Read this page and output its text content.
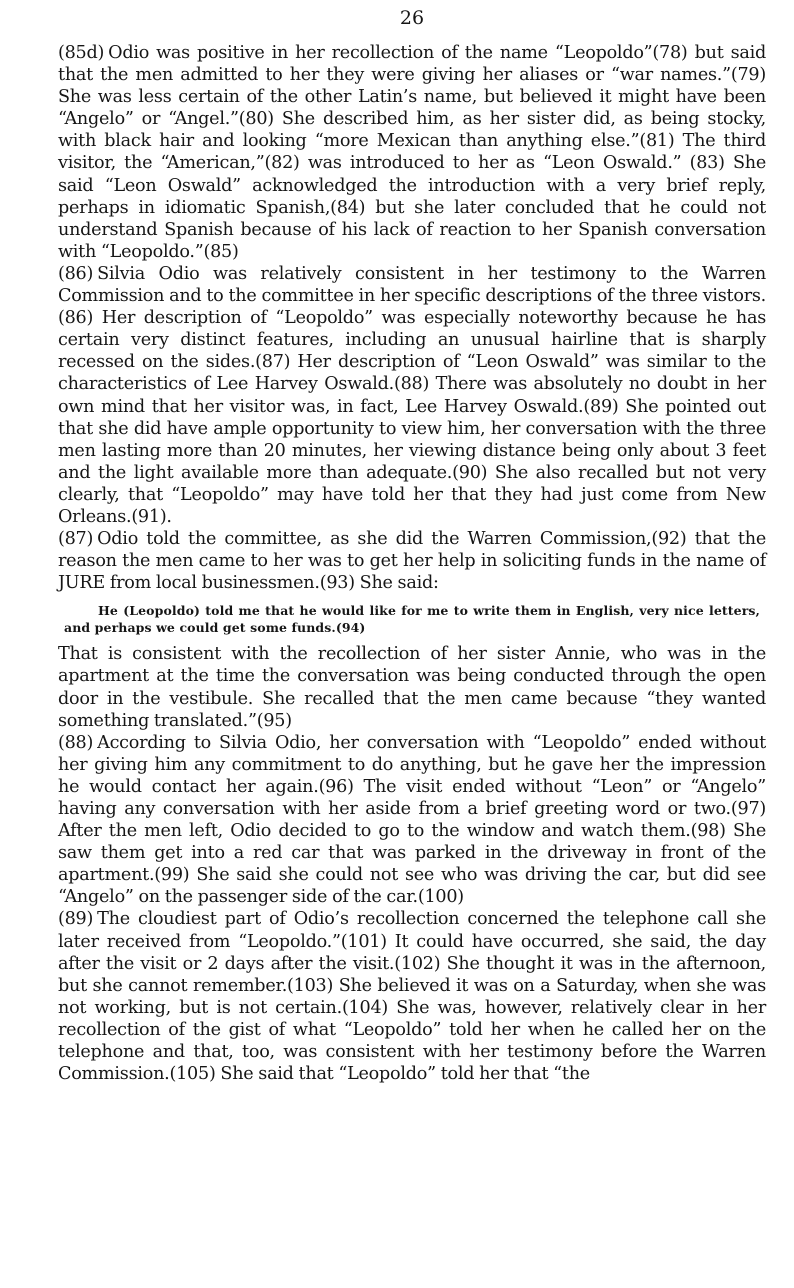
26

(85d) Odio was positive in her recollection of the name “Leopoldo”(78) but said that the men admitted to her they were giving her aliases or “war names.”(79) She was less certain of the other Latin’s name, but believed it might have been “Angelo” or “Angel.”(80) She described him, as her sister did, as being stocky, with black hair and looking “more Mexican than anything else.”(81) The third visitor, the “American,”(82) was introduced to her as “Leon Oswald.” (83) She said “Leon Oswald” acknowledged the introduction with a very brief reply, perhaps in idiomatic Spanish,(84) but she later concluded that he could not understand Spanish because of his lack of reaction to her Spanish conversation with “Leopoldo.”(85)

(86) Silvia Odio was relatively consistent in her testimony to the Warren Commission and to the committee in her specific descriptions of the three vistors.(86) Her description of “Leopoldo” was especially noteworthy because he has certain very distinct features, including an unusual hairline that is sharply recessed on the sides.(87) Her description of “Leon Oswald” was similar to the characteristics of Lee Harvey Oswald.(88) There was absolutely no doubt in her own mind that her visitor was, in fact, Lee Harvey Oswald.(89) She pointed out that she did have ample opportunity to view him, her conversation with the three men lasting more than 20 minutes, her viewing distance being only about 3 feet and the light available more than adequate.(90) She also recalled but not very clearly, that “Leopoldo” may have told her that they had just come from New Orleans.(91).

(87) Odio told the committee, as she did the Warren Commission,(92) that the reason the men came to her was to get her help in soliciting funds in the name of JURE from local businessmen.(93) She said:

He (Leopoldo) told me that he would like for me to write them in English, very nice letters, and perhaps we could get some funds.(94)

That is consistent with the recollection of her sister Annie, who was in the apartment at the time the conversation was being conducted through the open door in the vestibule. She recalled that the men came because “they wanted something translated.”(95)

(88) According to Silvia Odio, her conversation with “Leopoldo” ended without her giving him any commitment to do anything, but he gave her the impression he would contact her again.(96) The visit ended without “Leon” or “Angelo” having any conversation with her aside from a brief greeting word or two.(97) After the men left, Odio decided to go to the window and watch them.(98) She saw them get into a red car that was parked in the driveway in front of the apartment.(99) She said she could not see who was driving the car, but did see “Angelo” on the passenger side of the car.(100)

(89) The cloudiest part of Odio’s recollection concerned the telephone call she later received from “Leopoldo.”(101) It could have occurred, she said, the day after the visit or 2 days after the visit.(102) She thought it was in the afternoon, but she cannot remember.(103) She believed it was on a Saturday, when she was not working, but is not certain.(104) She was, however, relatively clear in her recollection of the gist of what “Leopoldo” told her when he called her on the telephone and that, too, was consistent with her testimony before the Warren Commission.(105) She said that “Leopoldo” told her that “the
